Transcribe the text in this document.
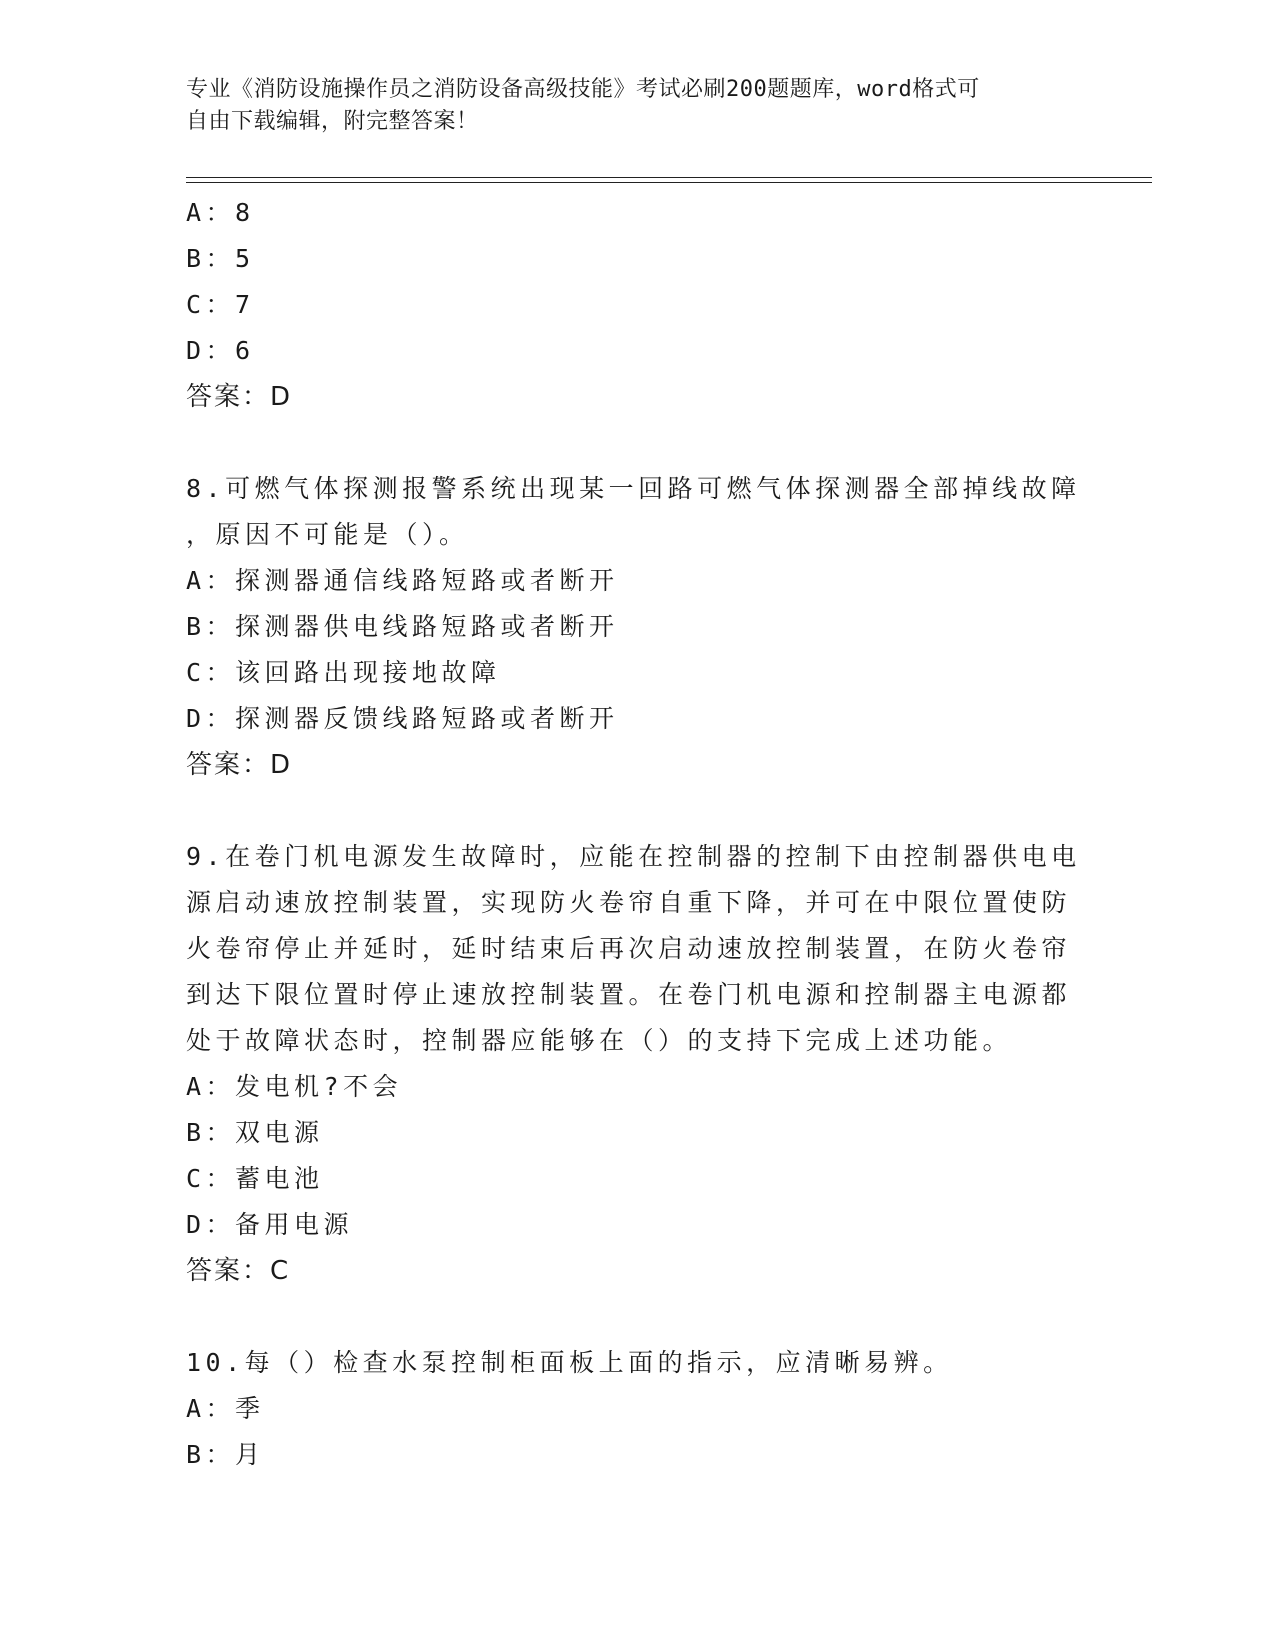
专业《消防设施操作员之消防设备高级技能》考试必刷200题题库，word格式可

自由下载编辑，附完整答案！

A：8
B：5
C：7
D：6
答案：D
8.可燃气体探测报警系统出现某一回路可燃气体探测器全部掉线故障
，原因不可能是（）。
A：探测器通信线路短路或者断开
B：探测器供电线路短路或者断开
C：该回路出现接地故障
D：探测器反馈线路短路或者断开
答案：D
9.在卷门机电源发生故障时，应能在控制器的控制下由控制器供电电
源启动速放控制装置，实现防火卷帘自重下降，并可在中限位置使防
火卷帘停止并延时，延时结束后再次启动速放控制装置，在防火卷帘
到达下限位置时停止速放控制装置。在卷门机电源和控制器主电源都
处于故障状态时，控制器应能够在（）的支持下完成上述功能。
A：发电机?不会
B：双电源
C：蓄电池
D：备用电源
答案：C
10.每（）检查水泵控制柜面板上面的指示，应清晰易辨。
A：季
B：月
